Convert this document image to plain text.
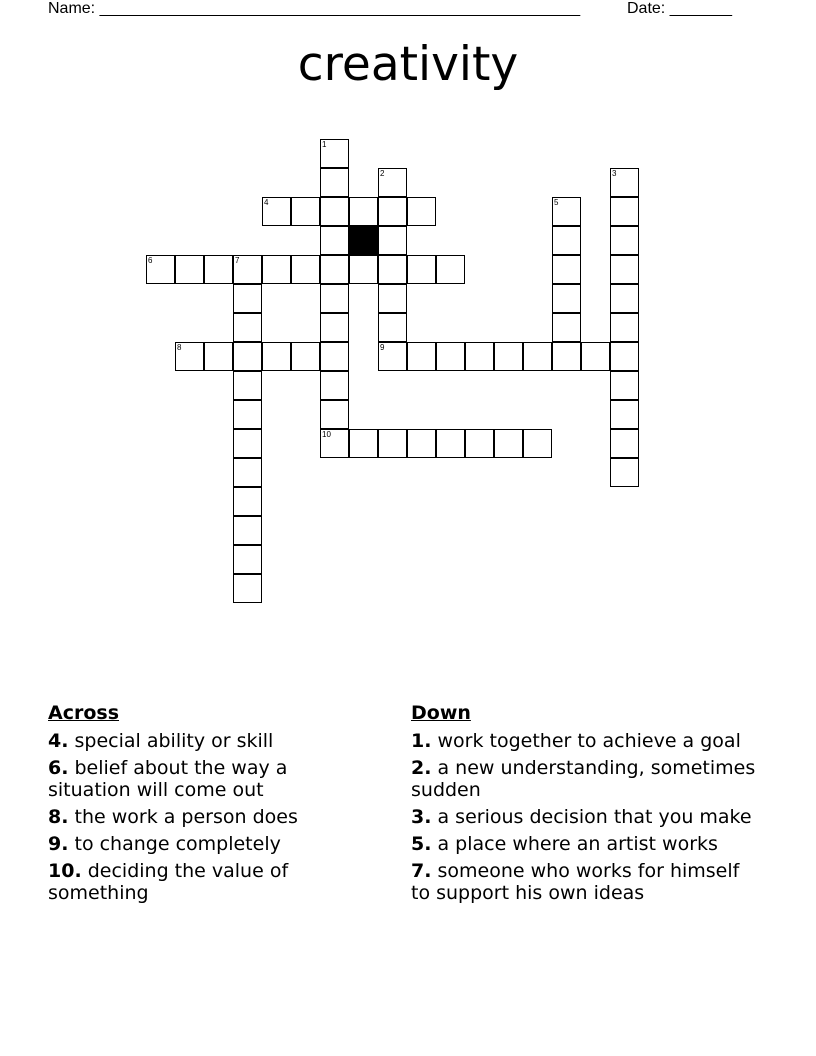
Name: ______________________________________________________	Date: _______
creativity
4
6	7
8	9
10
1
2	3
5
Across
4. special ability or skill
6. belief about the way a situation will come out
8. the work a person does
9. to change completely
10. deciding the value of something
Down
1. work together to achieve a goal
2. a new understanding, sometimes sudden
3. a serious decision that you make
5. a place where an artist works
7. someone who works for himself to support his own ideas
